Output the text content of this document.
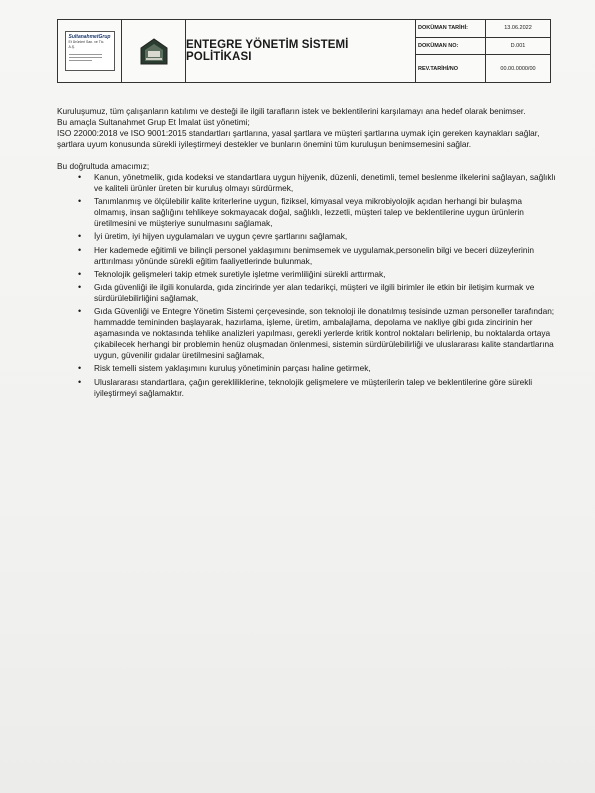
SultanahmetGrup
Et Ürünleri San. ve Tic. A.Ş.	ENTEGRE YÖNETİM SİSTEMİ POLİTİKASI
DOKÜMAN TARİHİ:	13.06.2022
DOKÜMAN NO:	D.001
REV.TARİHİ/NO	00.00.0000/00

Kuruluşumuz, tüm çalışanların katılımı ve desteği ile ilgili tarafların istek ve beklentilerini karşılamayı ana hedef olarak benimser.

Bu amaçla Sultanahmet Grup Et İmalat üst yönetimi;

ISO 22000:2018 ve ISO 9001:2015 standartları şartlarına, yasal şartlara ve müşteri şartlarına uymak için gereken kaynakları sağlar, şartlara uyum konusunda sürekli iyileştirmeyi destekler ve bunların önemini tüm kuruluşun benimsemesini sağlar.

Bu doğrultuda amacımız;

• Kanun, yönetmelik, gıda kodeksi ve standartlara uygun hijyenik, düzenli, denetimli, temel beslenme ilkelerini sağlayan, sağlıklı ve kaliteli ürünler üreten bir kuruluş olmayı sürdürmek,
• Tanımlanmış ve ölçülebilir kalite kriterlerine uygun, fiziksel, kimyasal veya mikrobiyolojik açıdan herhangi bir bulaşma olmamış, insan sağlığını tehlikeye sokmayacak doğal, sağlıklı, lezzetli, müşteri talep ve beklentilerine uygun ürünlerin üretilmesini ve müşteriye sunulmasını sağlamak,
• İyi üretim, iyi hijyen uygulamaları ve uygun çevre şartlarını sağlamak,
• Her kademede eğitimli ve bilinçli personel yaklaşımını benimsemek ve uygulamak,personelin bilgi ve beceri düzeylerinin arttırılması yönünde sürekli eğitim faaliyetlerinde bulunmak,
• Teknolojik gelişmeleri takip etmek suretiyle işletme verimliliğini sürekli arttırmak,
• Gıda güvenliği ile ilgili konularda, gıda zincirinde yer alan tedarikçi, müşteri ve ilgili birimler ile etkin bir iletişim kurmak ve sürdürülebilirliğini sağlamak,
• Gıda Güvenliği ve Entegre Yönetim Sistemi çerçevesinde, son teknoloji ile donatılmış tesisinde uzman personeller tarafından; hammadde temininden başlayarak, hazırlama, işleme, üretim, ambalajlama, depolama ve nakliye gibi gıda zincirinin her aşamasında ve noktasında tehlike analizleri yapılması, gerekli yerlerde kritik kontrol noktaları belirlenip, bu noktalarda ortaya çıkabilecek herhangi bir problemin henüz oluşmadan önlenmesi, sistemin sürdürülebilirliği ve uluslararası kalite standartlarına uygun, güvenilir gıdalar üretilmesini sağlamak,
• Risk temelli sistem yaklaşımını kuruluş yönetiminin parçası haline getirmek,
• Uluslararası standartlara, çağın gerekliliklerine, teknolojik gelişmelere ve müşterilerin talep ve beklentilerine göre sürekli iyileştirmeyi sağlamaktır.
